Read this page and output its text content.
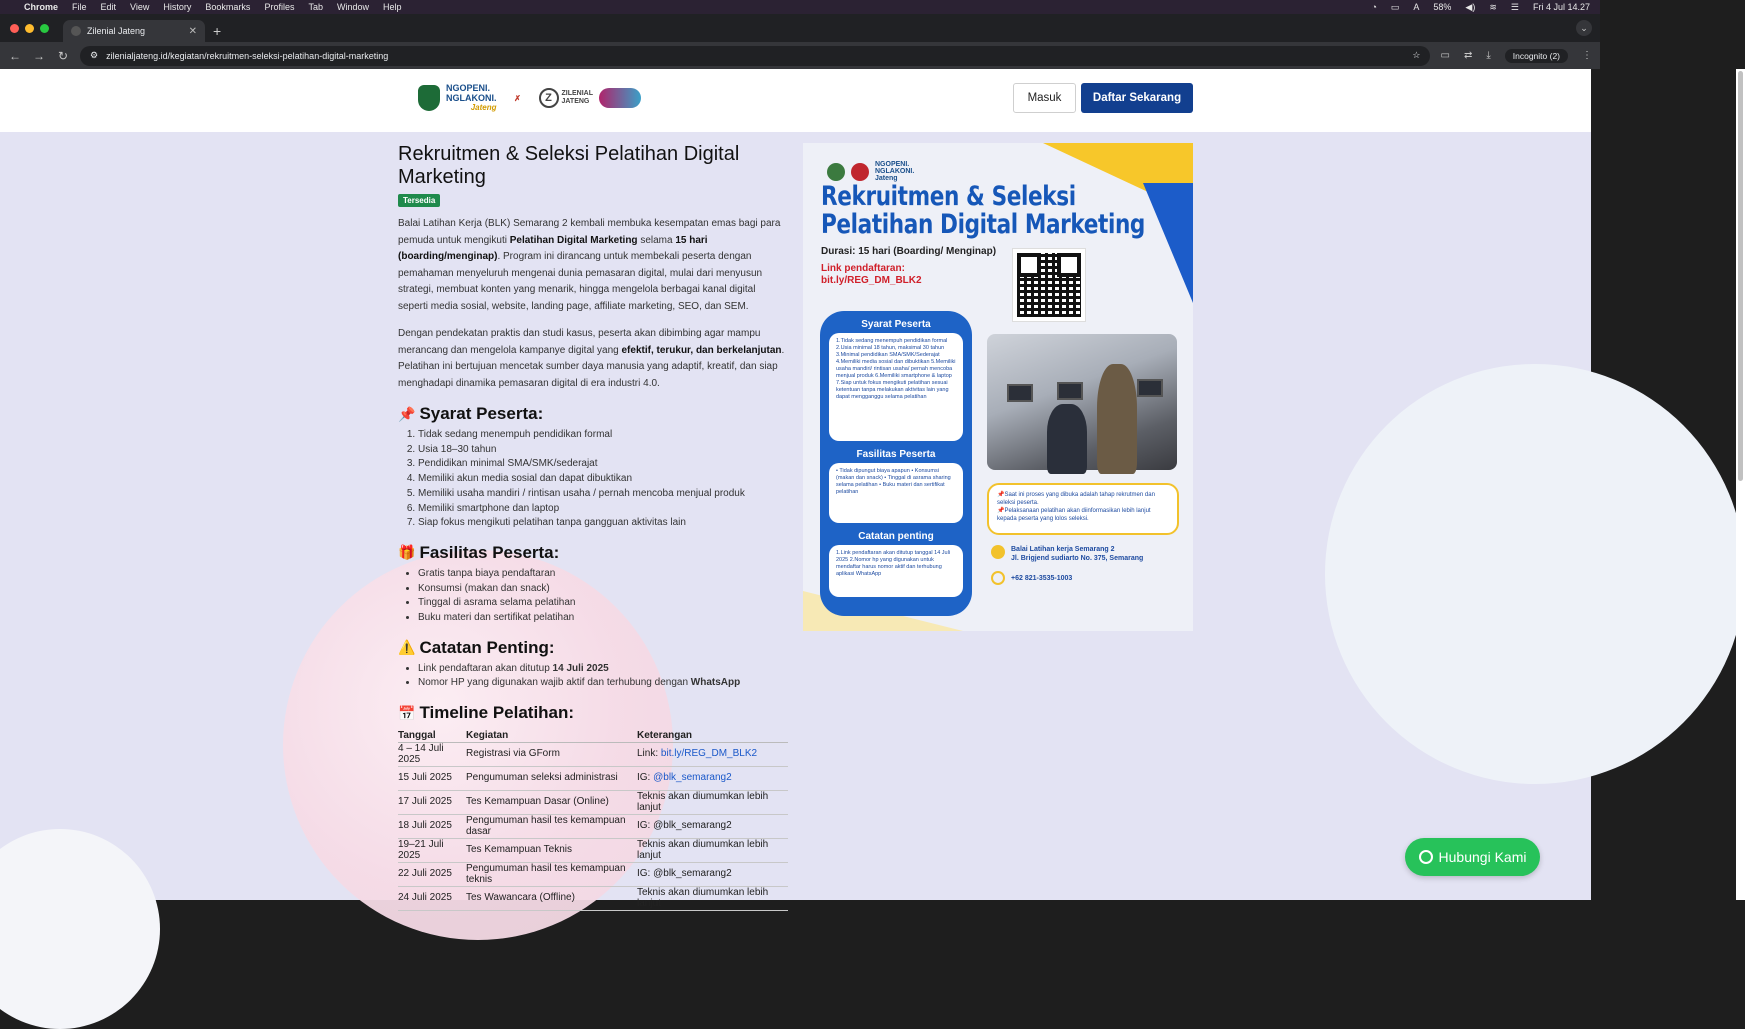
Chrome File Edit View History Bookmarks Profiles Tab Window Help	◔ ▭ A 58% ◀) ≋ ☰ Fri 4 Jul 14.27
Zilenial Jateng	✕ +	⌄
← → ↻ ⚙ zilenialjateng.id/kegiatan/rekruitmen-seleksi-pelatihan-digital-marketing	☆ ▭ ⇄ ⤓	Incognito (2)	⋮
NGOPENI.
NGLAKONI.
Jateng
✗	Z	ZILENIAL
JATENG	Masuk	Daftar Sekarang
Rekruitmen & Seleksi Pelatihan Digital Marketing
Tersedia

Balai Latihan Kerja (BLK) Semarang 2 kembali membuka kesempatan emas bagi para pemuda untuk mengikuti Pelatihan Digital Marketing selama 15 hari (boarding/menginap). Program ini dirancang untuk membekali peserta dengan pemahaman menyeluruh mengenai dunia pemasaran digital, mulai dari menyusun strategi, membuat konten yang menarik, hingga mengelola berbagai kanal digital seperti media sosial, website, landing page, affiliate marketing, SEO, dan SEM.

Dengan pendekatan praktis dan studi kasus, peserta akan dibimbing agar mampu merancang dan mengelola kampanye digital yang efektif, terukur, dan berkelanjutan. Pelatihan ini bertujuan mencetak sumber daya manusia yang adaptif, kreatif, dan siap menghadapi dinamika pemasaran digital di era industri 4.0.

📌 Syarat Peserta:
1. Tidak sedang menempuh pendidikan formal
2. Usia 18–30 tahun
3. Pendidikan minimal SMA/SMK/sederajat
4. Memiliki akun media sosial dan dapat dibuktikan
5. Memiliki usaha mandiri / rintisan usaha / pernah mencoba menjual produk
6. Memiliki smartphone dan laptop
7. Siap fokus mengikuti pelatihan tanpa gangguan aktivitas lain
🎁 Fasilitas Peserta:
• Gratis tanpa biaya pendaftaran
• Konsumsi (makan dan snack)
• Tinggal di asrama selama pelatihan
• Buku materi dan sertifikat pelatihan
⚠️ Catatan Penting:
• Link pendaftaran akan ditutup 14 Juli 2025
• Nomor HP yang digunakan wajib aktif dan terhubung dengan WhatsApp
📅 Timeline Pelatihan:
Tanggal	Kegiatan	Keterangan
4 – 14 Juli 2025	Registrasi via GForm	Link: bit.ly/REG_DM_BLK2
15 Juli 2025	Pengumuman seleksi administrasi	IG: @blk_semarang2
17 Juli 2025	Tes Kemampuan Dasar (Online)	Teknis akan diumumkan lebih lanjut
18 Juli 2025	Pengumuman hasil tes kemampuan dasar	IG: @blk_semarang2
19–21 Juli 2025	Tes Kemampuan Teknis	Teknis akan diumumkan lebih lanjut
22 Juli 2025	Pengumuman hasil tes kemampuan teknis	IG: @blk_semarang2
24 Juli 2025	Tes Wawancara (Offline)	Teknis akan diumumkan lebih lanjut
NGOPENI.
NGLAKONI.
Jateng
Rekruitmen & Seleksi
Pelatihan Digital Marketing
Durasi: 15 hari (Boarding/ Menginap)
Link pendaftaran:
bit.ly/REG_DM_BLK2
Syarat Peserta
1.Tidak sedang menempuh pendidikan formal 2.Usia minimal 18 tahun, maksimal 30 tahun 3.Minimal pendidikan SMA/SMK/Sederajat 4.Memiliki media sosial dan dibuktikan 5.Memiliki usaha mandiri/ rintisan usaha/ pernah mencoba menjual produk 6.Memiliki smartphone & laptop 7.Siap untuk fokus mengikuti pelatihan sesuai ketentuan tanpa melakukan aktivitas lain yang dapat mengganggu selama pelatihan
Fasilitas Peserta
• Tidak dipungut biaya apapun • Konsumsi (makan dan snack) • Tinggal di asrama sharing selama pelatihan • Buku materi dan sertifikat pelatihan
Catatan penting
1.Link pendaftaran akan ditutup tanggal 14 Juli 2025 2.Nomor hp yang digunakan untuk mendaftar harus nomor aktif dan terhubung aplikasi WhatsApp
📌Saat ini proses yang dibuka adalah tahap rekrutmen dan seleksi peserta.
📌Pelaksanaan pelatihan akan diinformasikan lebih lanjut kepada peserta yang lolos seleksi.
Balai Latihan kerja Semarang 2
Jl. Brigjend sudiarto No. 375, Semarang
+62 821-3535-1003
Hubungi Kami
